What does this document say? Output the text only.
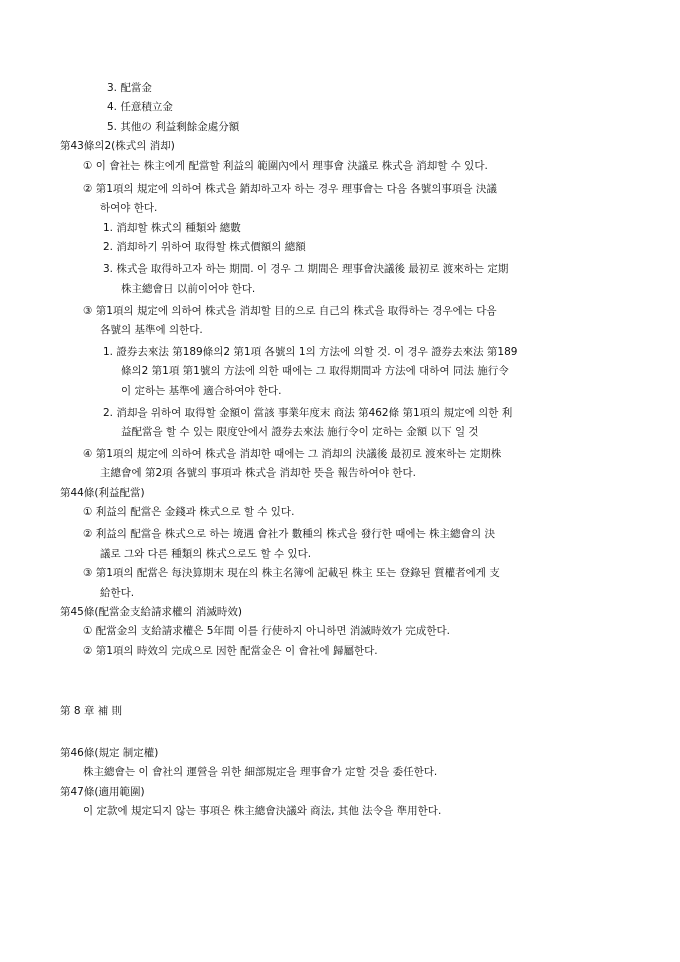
3. 配當金
4. 任意積立金
5. 其他の 利益剩餘金處分額
第43條의2(株式의 消却)
① 이 會社는 株主에게 配當할 利益의 範圍內에서 理事會 決議로 株式을 消却할 수 있다.
② 第1項의 規定에 의하여 株式을 銷却하고자 하는 경우 理事會는 다음 各號의事項을 決議
하여야 한다.
1. 消却할 株式의 種類와 總數
2. 消却하기 위하여 取得할 株式價額의 總額
3. 株式을 取得하고자 하는 期間. 이 경우 그 期間은 理事會決議後 最初로 渡來하는 定期
株主總會日 以前이어야 한다.
③ 第1項의 規定에 의하여 株式을 消却할 目的으로 自己의 株式을 取得하는 경우에는 다음
各號의 基準에 의한다.
1. 證券去來法 第189條의2 第1項 各號의 1의 方法에 의할 것. 이 경우 證券去來法 第189
條의2 第1項 第1號의 方法에 의한 때에는 그 取得期間과 方法에 대하여 同法 施行令
이 定하는 基準에 適合하여야 한다.
2. 消却을 위하여 取得할 金額이 當該 事業年度末 商法 第462條 第1項의 規定에 의한 利
益配當을 할 수 있는 限度안에서 證券去來法 施行令이 定하는 金額 以下 일 것
④ 第1項의 規定에 의하여 株式을 消却한 때에는 그 消却의 決議後 最初로 渡來하는 定期株
主總會에 第2項 各號의 事項과 株式을 消却한 뜻을 報告하여야 한다.
第44條(利益配當)
① 利益의 配當은 金錢과 株式으로 할 수 있다.
② 利益의 配當을 株式으로 하는 境遇 會社가 數種의 株式을 發行한 때에는 株主總會의 決
議로 그와 다른 種類의 株式으로도 할 수 있다.
③ 第1項의 配當은 每決算期末 現在의 株主名簿에 記載된 株主 또는 登錄된 質權者에게 支
給한다.
第45條(配當金支給請求權의 消滅時效)
① 配當金의 支給請求權은 5年間 이를 行使하지 아니하면 消滅時效가 完成한다.
② 第1項의 時效의 完成으로 因한 配當金은 이 會社에 歸屬한다.
第 8 章 補 則
第46條(規定 制定權)
株主總會는 이 會社의 運營을 위한 細部規定을 理事會가 定할 것을 委任한다.
第47條(適用範圍)
이 定款에 規定되지 않는 事項은 株主總會決議와 商法, 其他 法令을 準用한다.
